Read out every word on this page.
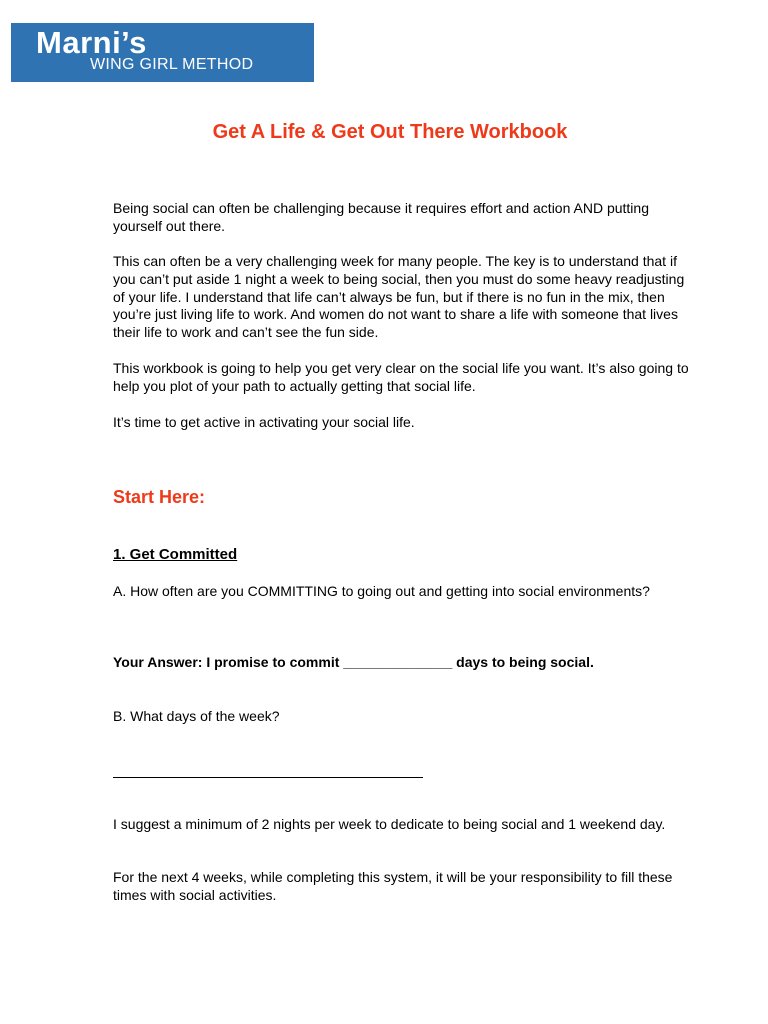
Marni’s
WING GIRL METHOD
Get A Life & Get Out There Workbook

Being social can often be challenging because it requires effort and action AND putting yourself out there.

This can often be a very challenging week for many people. The key is to understand that if you can’t put aside 1 night a week to being social, then you must do some heavy readjusting of your life. I understand that life can’t always be fun, but if there is no fun in the mix, then you’re just living life to work. And women do not want to share a life with someone that lives their life to work and can’t see the fun side.

This workbook is going to help you get very clear on the social life you want. It’s also going to help you plot of your path to actually getting that social life.

It’s time to get active in activating your social life.

Start Here:
1. Get Committed

A. How often are you COMMITTING to going out and getting into social environments?

Your Answer: I promise to commit ______________ days to being social.

B. What days of the week?

I suggest a minimum of 2 nights per week to dedicate to being social and 1 weekend day.

For the next 4 weeks, while completing this system, it will be your responsibility to fill these times with social activities.
